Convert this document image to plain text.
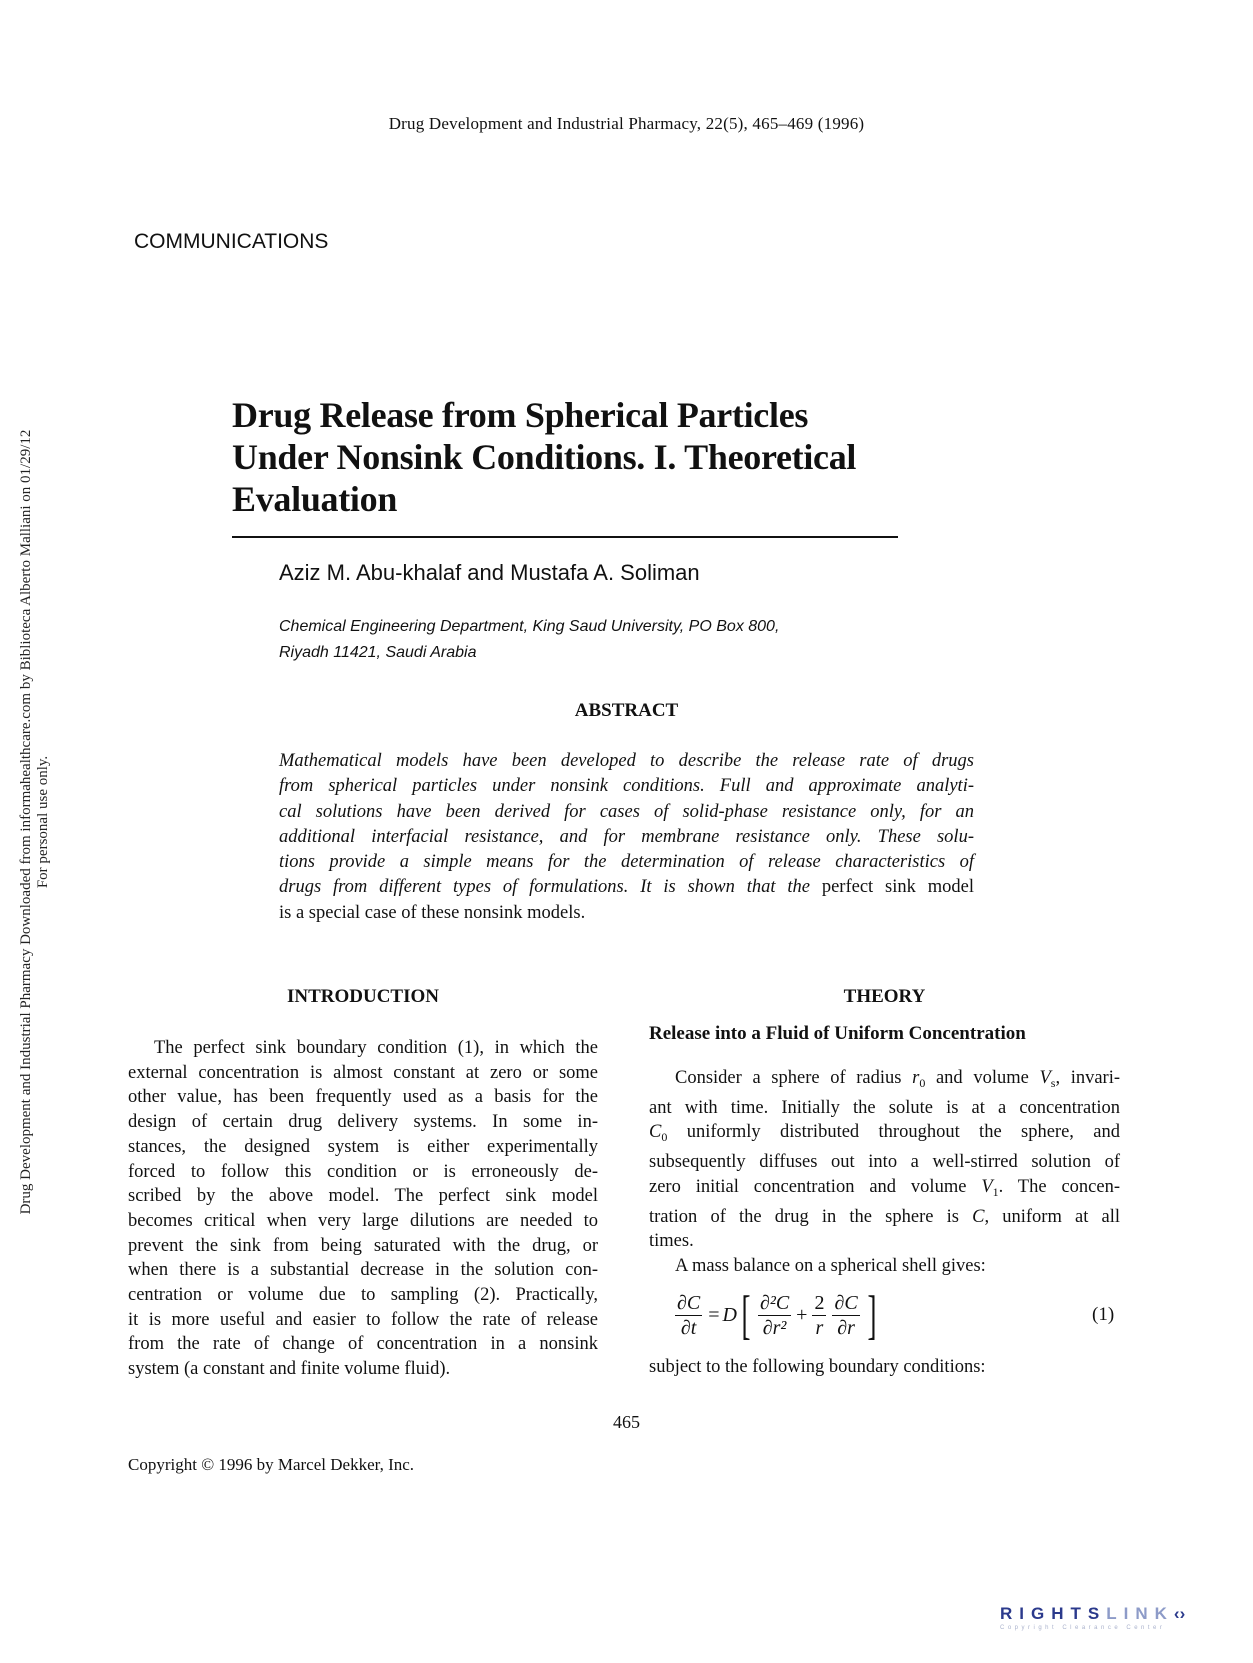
Drug Development and Industrial Pharmacy Downloaded from informahealthcare.com by Biblioteca Alberto Malliani on 01/29/12 For personal use only.
Drug Development and Industrial Pharmacy, 22(5), 465–469 (1996)
COMMUNICATIONS
Drug Release from Spherical Particles
Under Nonsink Conditions. I. Theoretical
Evaluation
Aziz M. Abu-khalaf and Mustafa A. Soliman
Chemical Engineering Department, King Saud University, PO Box 800,
Riyadh 11421, Saudi Arabia
ABSTRACT
Mathematical models have been developed to describe the release rate of drugs
from spherical particles under nonsink conditions. Full and approximate analyti-
cal solutions have been derived for cases of solid-phase resistance only, for an
additional interfacial resistance, and for membrane resistance only. These solu-
tions provide a simple means for the determination of release characteristics of
drugs from different types of formulations. It is shown that the perfect sink model
is a special case of these nonsink models.
INTRODUCTION
The perfect sink boundary condition (1), in which the
external concentration is almost constant at zero or some
other value, has been frequently used as a basis for the
design of certain drug delivery systems. In some in-
stances, the designed system is either experimentally
forced to follow this condition or is erroneously de-
scribed by the above model. The perfect sink model
becomes critical when very large dilutions are needed to
prevent the sink from being saturated with the drug, or
when there is a substantial decrease in the solution con-
centration or volume due to sampling (2). Practically,
it is more useful and easier to follow the rate of release
from the rate of change of concentration in a nonsink
system (a constant and finite volume fluid).
THEORY
Release into a Fluid of Uniform Concentration
Consider a sphere of radius $r_0$ and volume $V_s$, invari-
ant with time. Initially the solute is at a concentration
$C_0$ uniformly distributed throughout the sphere, and
subsequently diffuses out into a well-stirred solution of
zero initial concentration and volume $V_1$. The concen-
tration of the drug in the sphere is C, uniform at all
times.
A mass balance on a spherical shell gives:
$\frac{\partial C}{\partial t} = D$ [ $\frac{\text{∂²C}}{\text{∂r²}} + \frac{2}{r} \frac{\partial C}{\partial r}$ ]	(1)
subject to the following boundary conditions:
465
Copyright © 1996 by Marcel Dekker, Inc.
RIGHTSLINK‹›
Copyright Clearance Center
